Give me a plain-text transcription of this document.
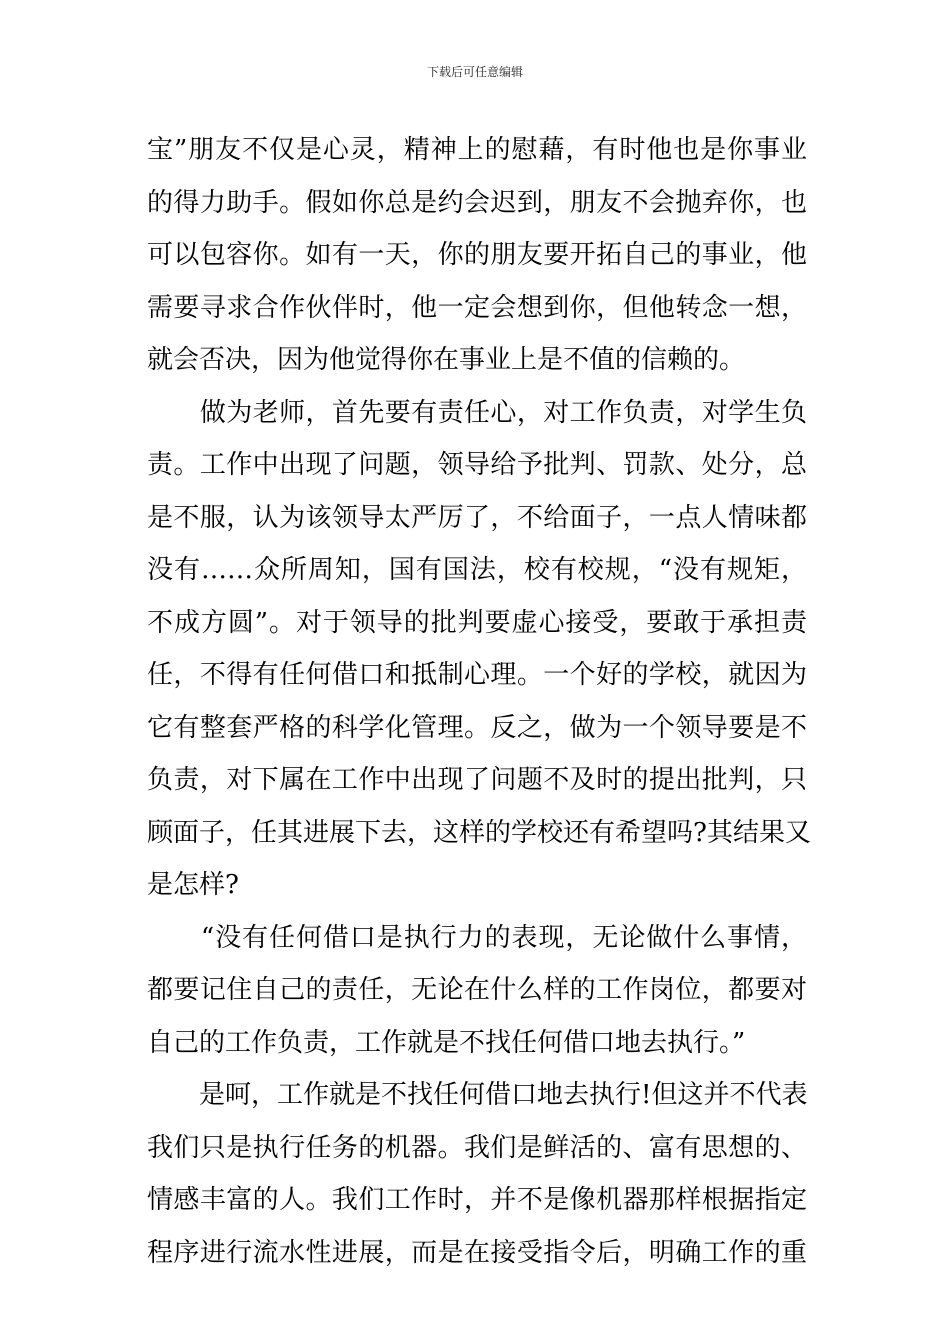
下载后可任意编辑
宝”朋友不仅是心灵，精神上的慰藉，有时他也是你事业
的得力助手。假如你总是约会迟到，朋友不会抛弃你，也
可以包容你。如有一天，你的朋友要开拓自己的事业，他
需要寻求合作伙伴时，他一定会想到你，但他转念一想，
就会否决，因为他觉得你在事业上是不值的信赖的。
　　做为老师，首先要有责任心，对工作负责，对学生负
责。工作中出现了问题，领导给予批判、罚款、处分，总
是不服，认为该领导太严厉了，不给面子，一点人情味都
没有……众所周知，国有国法，校有校规，“没有规矩，
不成方圆”。对于领导的批判要虚心接受，要敢于承担责
任，不得有任何借口和抵制心理。一个好的学校，就因为
它有整套严格的科学化管理。反之，做为一个领导要是不
负责，对下属在工作中出现了问题不及时的提出批判，只
顾面子，任其进展下去，这样的学校还有希望吗?其结果又
是怎样?
　　“没有任何借口是执行力的表现，无论做什么事情，
都要记住自己的责任，无论在什么样的工作岗位，都要对
自己的工作负责，工作就是不找任何借口地去执行。”
　　是呵，工作就是不找任何借口地去执行!但这并不代表
我们只是执行任务的机器。我们是鲜活的、富有思想的、
情感丰富的人。我们工作时，并不是像机器那样根据指定
程序进行流水性进展，而是在接受指令后，明确工作的重
